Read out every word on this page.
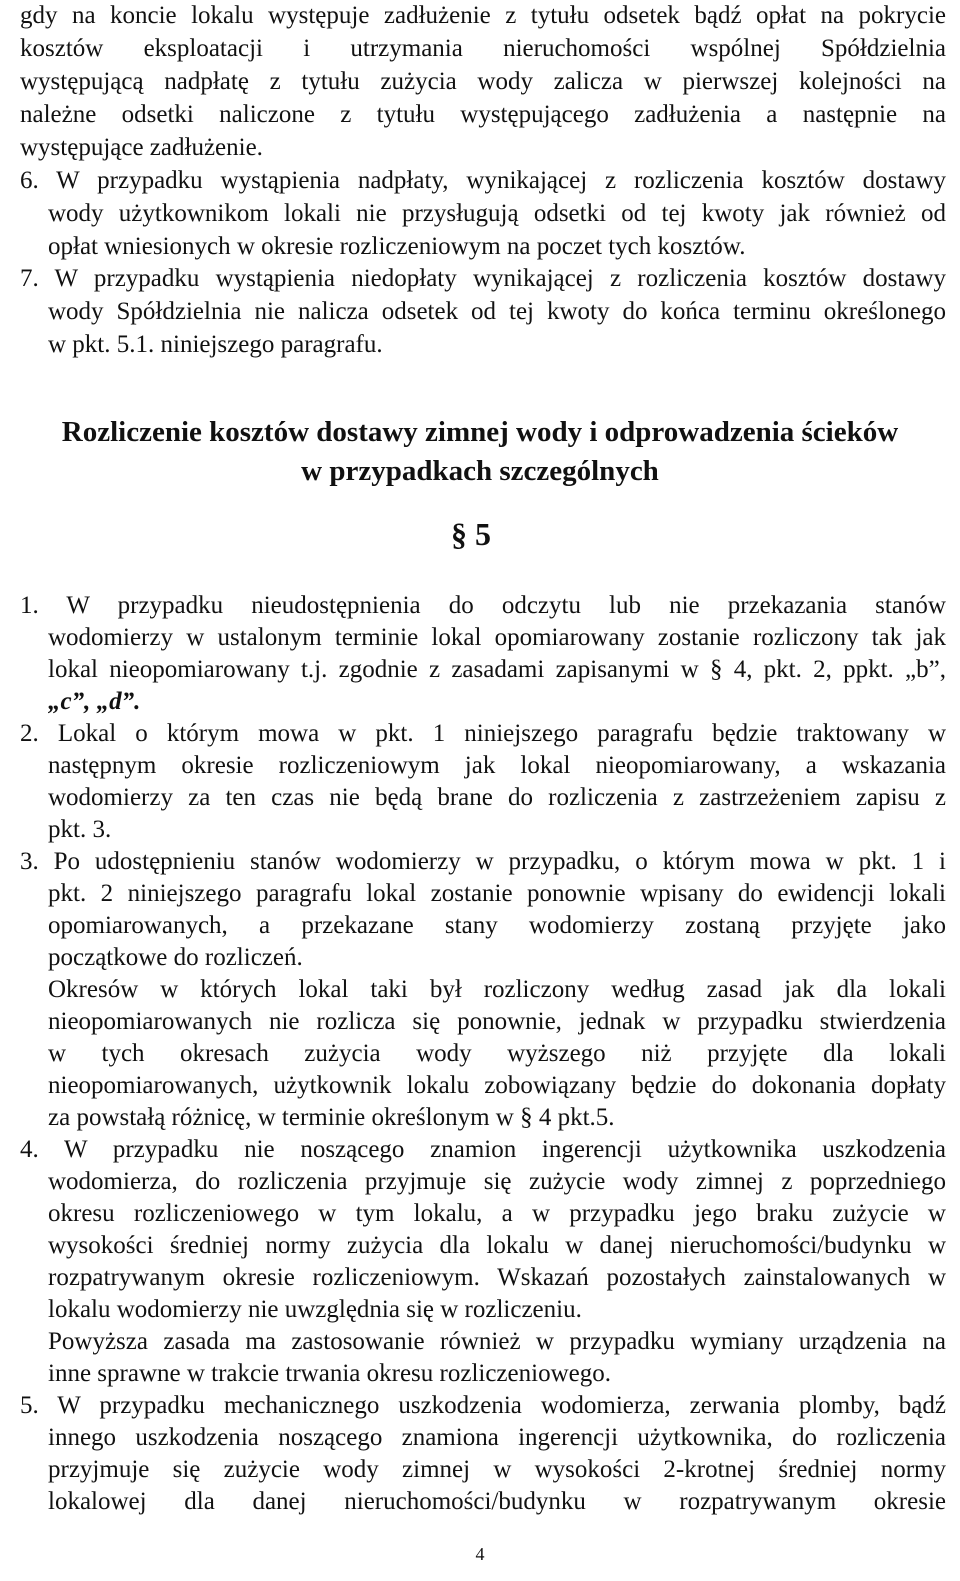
gdy na koncie lokalu występuje zadłużenie z tytułu odsetek bądź opłat na pokrycie
kosztów eksploatacji i utrzymania nieruchomości wspólnej Spółdzielnia
występującą nadpłatę z tytułu zużycia wody zalicza w pierwszej kolejności na
należne odsetki naliczone z tytułu występującego zadłużenia a następnie na
występujące zadłużenie.
6. W przypadku wystąpienia nadpłaty, wynikającej z rozliczenia kosztów dostawy
wody użytkownikom lokali nie przysługują odsetki od tej kwoty jak również od
opłat wniesionych w okresie rozliczeniowym na poczet tych kosztów.
7. W przypadku wystąpienia niedopłaty wynikającej z rozliczenia kosztów dostawy
wody Spółdzielnia nie nalicza odsetek od tej kwoty do końca terminu określonego
w pkt. 5.1. niniejszego paragrafu.
Rozliczenie kosztów dostawy zimnej wody i odprowadzenia ścieków
w przypadkach szczególnych
§ 5
1. W przypadku nieudostępnienia do odczytu lub nie przekazania stanów
wodomierzy w ustalonym terminie lokal opomiarowany zostanie rozliczony tak jak
lokal nieopomiarowany t.j. zgodnie z zasadami zapisanymi w § 4, pkt. 2, ppkt. „b”,
„c”, „d”.
2. Lokal o którym mowa w pkt. 1 niniejszego paragrafu będzie traktowany w
następnym okresie rozliczeniowym jak lokal nieopomiarowany, a wskazania
wodomierzy za ten czas nie będą brane do rozliczenia z zastrzeżeniem zapisu z
pkt. 3.
3. Po udostępnieniu stanów wodomierzy w przypadku, o którym mowa w pkt. 1 i
pkt. 2 niniejszego paragrafu lokal zostanie ponownie wpisany do ewidencji lokali
opomiarowanych, a przekazane stany wodomierzy zostaną przyjęte jako
początkowe do rozliczeń.
Okresów w których lokal taki był rozliczony według zasad jak dla lokali
nieopomiarowanych nie rozlicza się ponownie, jednak w przypadku stwierdzenia
w tych okresach zużycia wody wyższego niż przyjęte dla lokali
nieopomiarowanych, użytkownik lokalu zobowiązany będzie do dokonania dopłaty
za powstałą różnicę, w terminie określonym w § 4 pkt.5.
4. W przypadku nie noszącego znamion ingerencji użytkownika uszkodzenia
wodomierza, do rozliczenia przyjmuje się zużycie wody zimnej z poprzedniego
okresu rozliczeniowego w tym lokalu, a w przypadku jego braku zużycie w
wysokości średniej normy zużycia dla lokalu w danej nieruchomości/budynku w
rozpatrywanym okresie rozliczeniowym. Wskazań pozostałych zainstalowanych w
lokalu wodomierzy nie uwzględnia się w rozliczeniu.
Powyższa zasada ma zastosowanie również w przypadku wymiany urządzenia na
inne sprawne w trakcie trwania okresu rozliczeniowego.
5. W przypadku mechanicznego uszkodzenia wodomierza, zerwania plomby, bądź
innego uszkodzenia noszącego znamiona ingerencji użytkownika, do rozliczenia
przyjmuje się zużycie wody zimnej w wysokości 2-krotnej średniej normy
lokalowej dla danej nieruchomości/budynku w rozpatrywanym okresie
4
